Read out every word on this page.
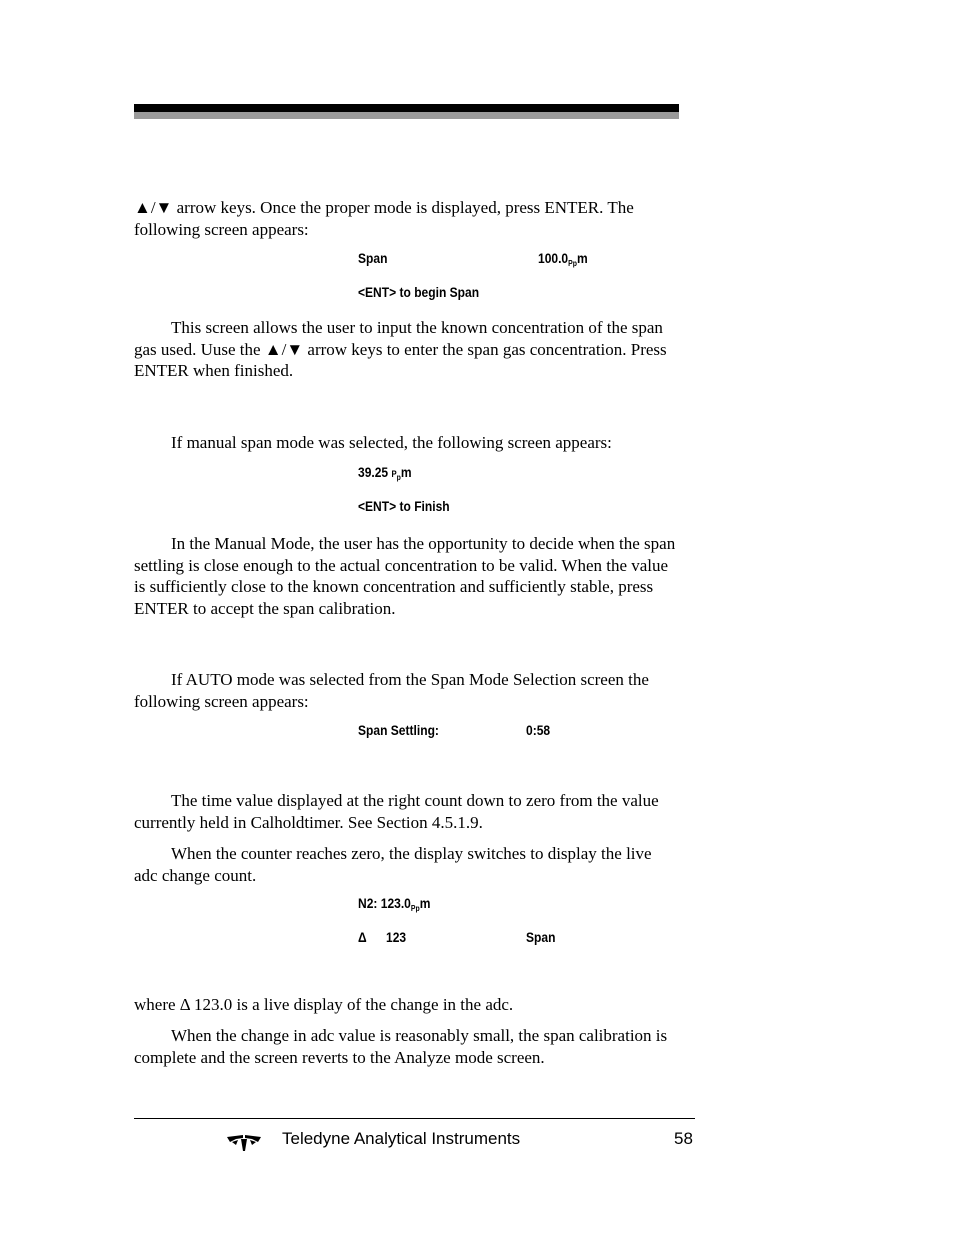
▲/▼ arrow keys. Once the proper mode is displayed, press ENTER. The following screen appears:

Span	$100.0_{Pp}m$
<ENT> to begin Span

This screen allows the user to input the known concentration of the span gas used. Uuse the ▲/▼ arrow keys to enter the span gas concentration. Press ENTER when finished.

If manual span mode was selected, the following screen appears:

39.25 $P_pm$
<ENT> to Finish

In the Manual Mode, the user has the opportunity to decide when the span settling is close enough to the actual concentration to be valid. When the value is sufficiently close to the known concentration and sufficiently stable, press ENTER to accept the span calibration.

If AUTO mode was selected from the Span Mode Selection screen the following screen appears:

Span Settling:	0:58

The time value displayed at the right count down to zero from the value currently held in Calholdtimer. See Section 4.5.1.9.

When the counter reaches zero, the display switches to display the live adc change count.

N2: $123.0_{Pp}m$
Δ 123	Span

where Δ 123.0 is a live display of the change in the adc.

When the change in adc value is reasonably small, the span calibration is complete and the screen reverts to the Analyze mode screen.

Teledyne Analytical Instruments	58
